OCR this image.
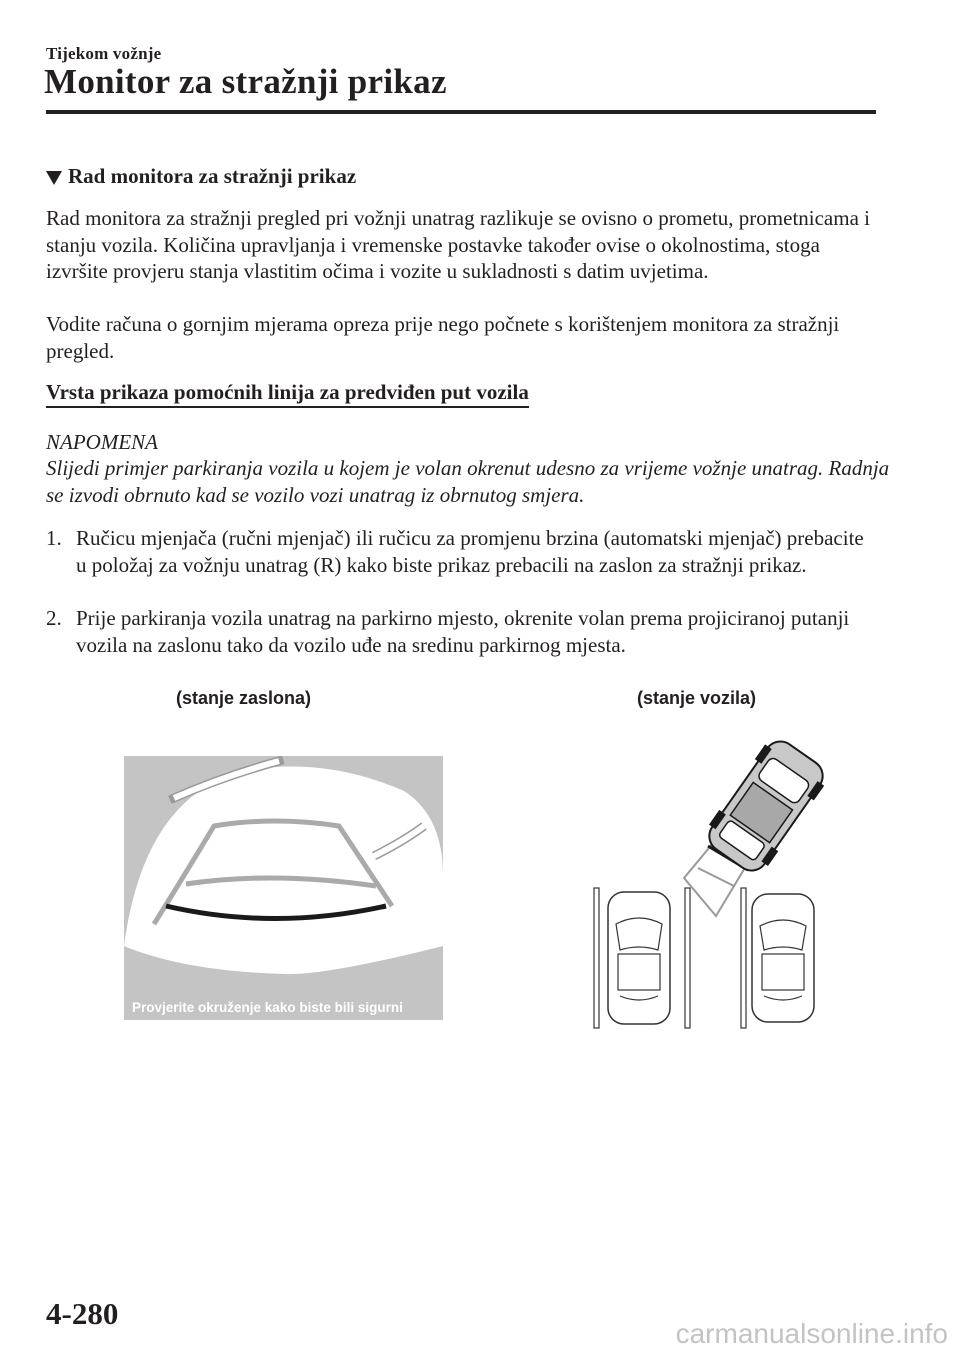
Tijekom vožnje
Monitor za stražnji prikaz
Rad monitora za stražnji prikaz
Rad monitora za stražnji pregled pri vožnji unatrag razlikuje se ovisno o prometu, prometnicama i stanju vozila. Količina upravljanja i vremenske postavke također ovise o okolnostima, stoga izvršite provjeru stanja vlastitim očima i vozite u sukladnosti s datim uvjetima.
Vodite računa o gornjim mjerama opreza prije nego počnete s korištenjem monitora za stražnji pregled.
Vrsta prikaza pomoćnih linija za predviđen put vozila
NAPOMENA
Slijedi primjer parkiranja vozila u kojem je volan okrenut udesno za vrijeme vožnje unatrag. Radnja se izvodi obrnuto kad se vozilo vozi unatrag iz obrnutog smjera.
1. Ručicu mjenjača (ručni mjenjač) ili ručicu za promjenu brzina (automatski mjenjač) prebacite u položaj za vožnju unatrag (R) kako biste prikaz prebacili na zaslon za stražnji prikaz.
2. Prije parkiranja vozila unatrag na parkirno mjesto, okrenite volan prema projiciranoj putanji vozila na zaslonu tako da vozilo uđe na sredinu parkirnog mjesta.
(stanje zaslona)	(stanje vozila)
Provjerite okruženje kako biste bili sigurni
4-280
carmanualsonline.info
